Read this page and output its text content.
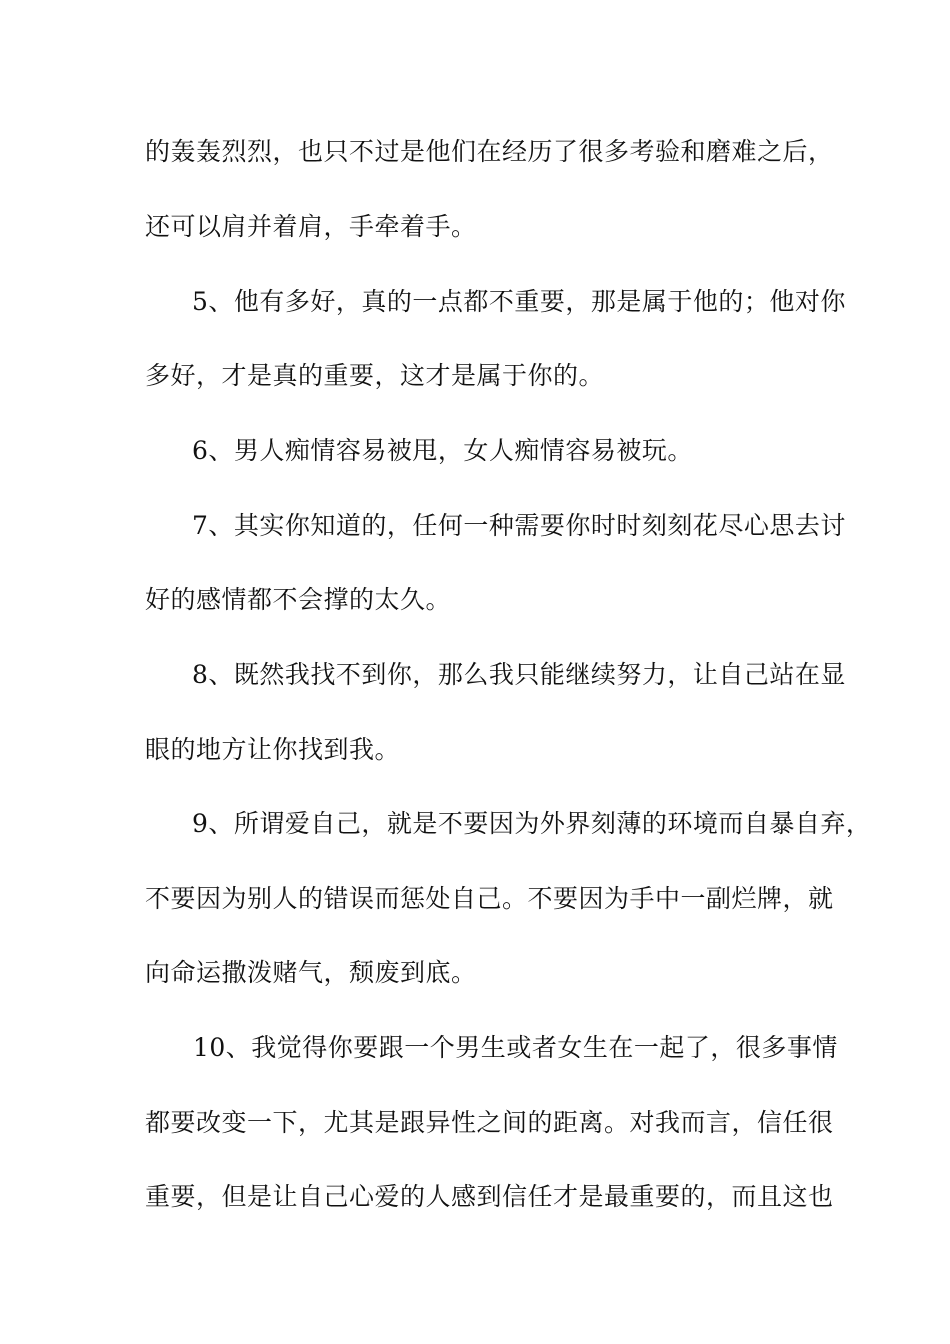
的轰轰烈烈，也只不过是他们在经历了很多考验和磨难之后，
还可以肩并着肩，手牵着手。
5、他有多好，真的一点都不重要，那是属于他的；他对你
多好，才是真的重要，这才是属于你的。
6、男人痴情容易被甩，女人痴情容易被玩。
7、其实你知道的，任何一种需要你时时刻刻花尽心思去讨
好的感情都不会撑的太久。
8、既然我找不到你，那么我只能继续努力，让自己站在显
眼的地方让你找到我。
9、所谓爱自己，就是不要因为外界刻薄的环境而自暴自弃，
不要因为别人的错误而惩处自己。不要因为手中一副烂牌，就
向命运撒泼赌气，颓废到底。
10、我觉得你要跟一个男生或者女生在一起了，很多事情
都要改变一下，尤其是跟异性之间的距离。对我而言，信任很
重要，但是让自己心爱的人感到信任才是最重要的，而且这也
